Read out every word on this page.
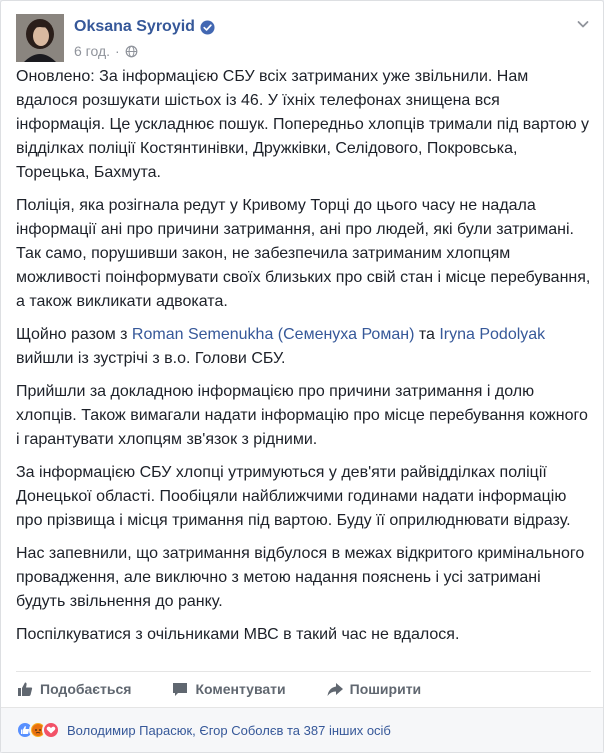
Oksana Syroyid
6 год. ·

Оновлено: За інформацією СБУ всіх затриманих уже звільнили. Нам вдалося розшукати шістьох із 46. У їхніх телефонах знищена вся інформація. Це ускладнює пошук. Попередньо хлопців тримали під вартою у відділках поліції Костянтинівки, Дружківки, Селідового, Покровська, Торецька, Бахмута.

Поліція, яка розігнала редут у Кривому Торці до цього часу не надала інформації ані про причини затримання, ані про людей, які були затримані. Так само, порушивши закон, не забезпечила затриманим хлопцям можливості поінформувати своїх близьких про свій стан і місце перебування, а також викликати адвоката.

Щойно разом з Roman Semenukha (Семенуха Роман) та Iryna Podolyak вийшли із зустрічі з в.о. Голови СБУ.

Прийшли за докладною інформацією про причини затримання і долю хлопців. Також вимагали надати інформацію про місце перебування кожного і гарантувати хлопцям зв'язок з рідними.

За інформацією СБУ хлопці утримуються у дев'яти райвідділках поліції Донецької області. Пообіцяли найближчими годинами надати інформацію про прізвища і місця тримання під вартою. Буду її оприлюднювати відразу.

Нас запевнили, що затримання відбулося в межах відкритого кримінального провадження, але виключно з метою надання пояснень і усі затримані будуть звільнення до ранку.

Поспілкуватися з очільниками МВС в такий час не вдалося.

Подобається	Коментувати	Поширити
Володимир Парасюк, Єгор Соболєв та 387 інших осіб
